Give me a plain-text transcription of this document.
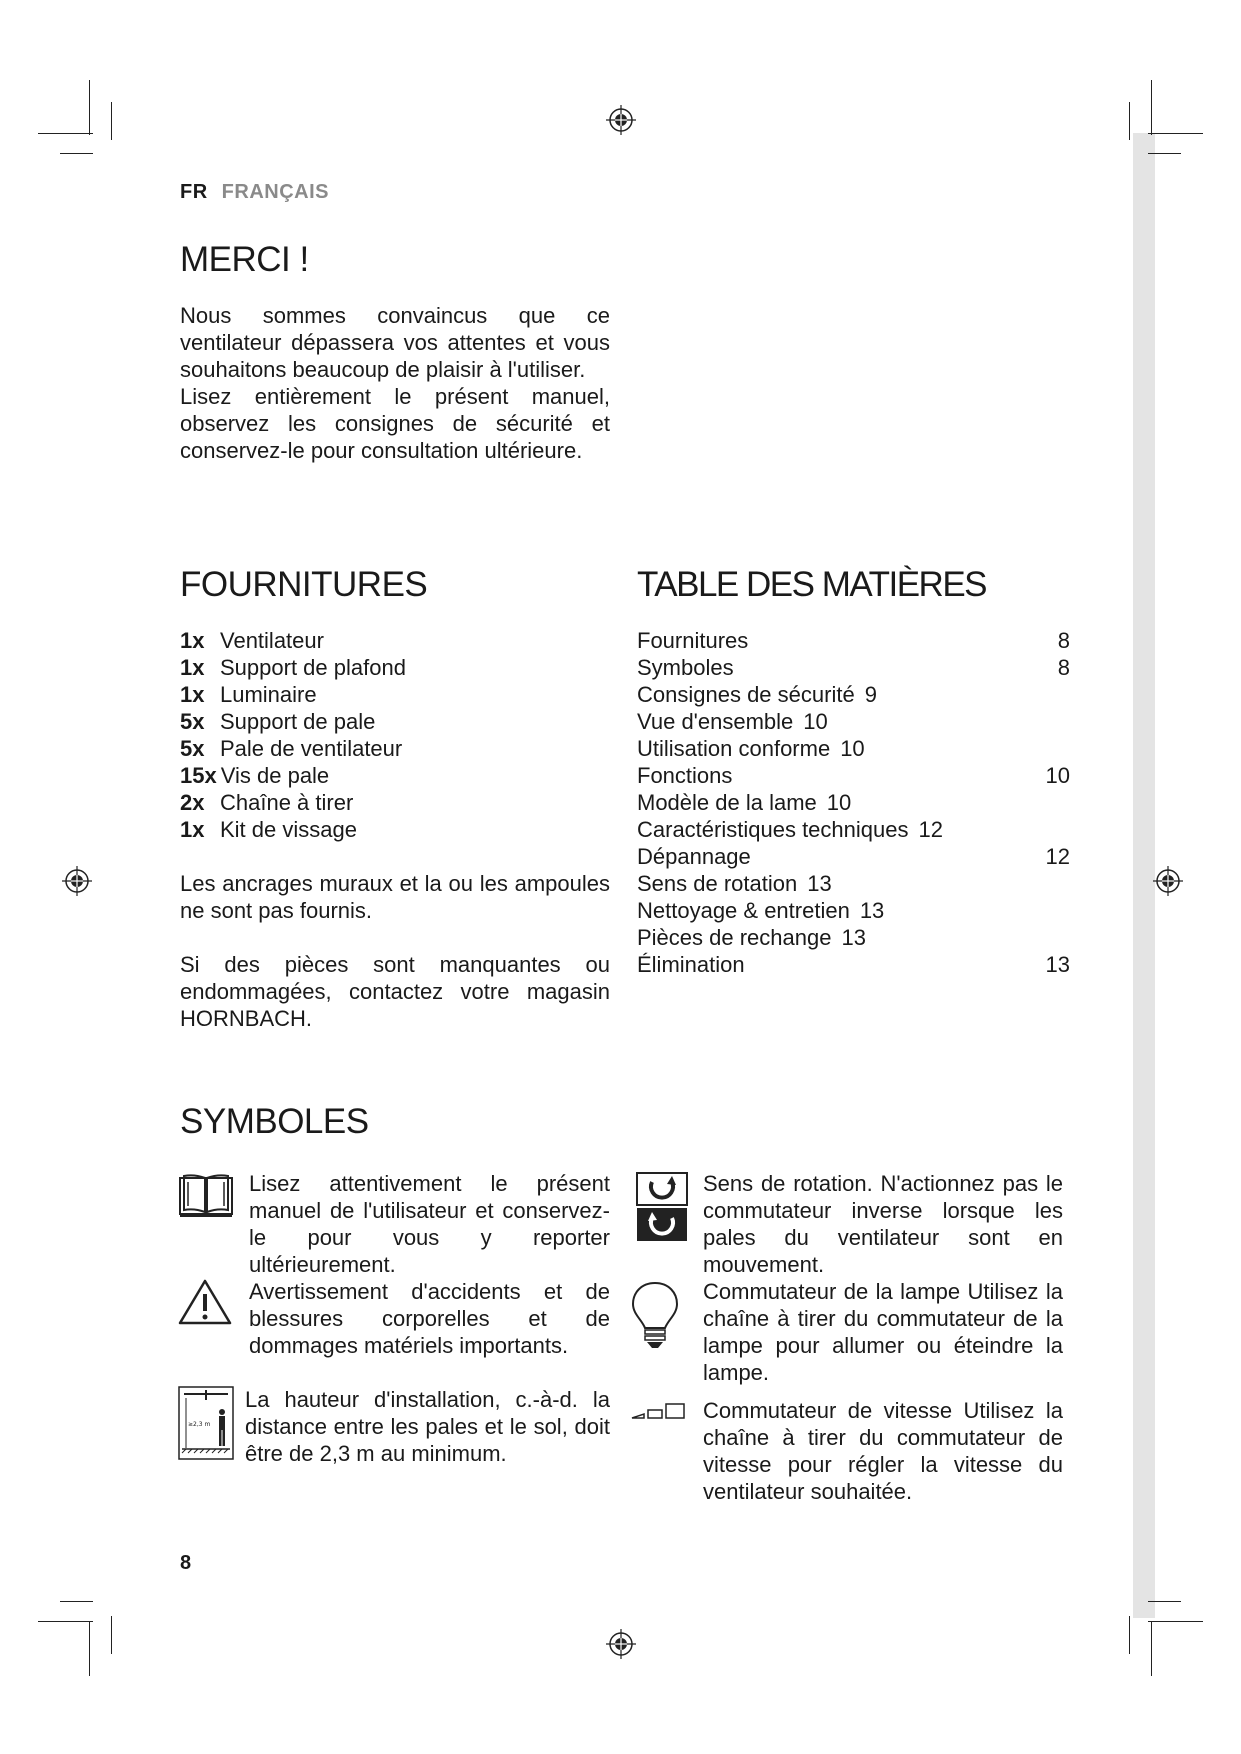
FR FRANÇAIS
MERCI !

Nous sommes convaincus que ce ventilateur dépassera vos attentes et vous souhaitons beaucoup de plaisir à l'utiliser.

Lisez entièrement le présent manuel, observez les consignes de sécurité et conservez-le pour consultation ultérieure.

FOURNITURES
1x Ventilateur
1x Support de plafond
1x Luminaire
5x Support de pale
5x Pale de ventilateur
15x Vis de pale
2x Chaîne à tirer
1x Kit de vissage

Les ancrages muraux et la ou les ampoules ne sont pas fournis.

Si des pièces sont manquantes ou endommagées, contactez votre magasin HORNBACH.

TABLE DES MATIÈRES
Fournitures	8
Symboles	8
Consignes de sécurité 9
Vue d'ensemble 10
Utilisation conforme 10
Fonctions	10
Modèle de la lame 10
Caractéristiques techniques 12
Dépannage	12
Sens de rotation 13
Nettoyage & entretien 13
Pièces de rechange 13
Élimination	13
SYMBOLES

Lisez attentivement le présent manuel de l'utilisateur et conservez-le pour vous y reporter ultérieurement.

Avertissement d'accidents et de blessures corporelles et de dommages matériels importants.

≥2,3 m

La hauteur d'installation, c.-à-d. la distance entre les pales et le sol, doit être de 2,3 m au minimum.

Sens de rotation. N'actionnez pas le commutateur inverse lorsque les pales du ventilateur sont en mouvement.

Commutateur de la lampe Utilisez la chaîne à tirer du commutateur de la lampe pour allumer ou éteindre la lampe.

Commutateur de vitesse Utilisez la chaîne à tirer du commutateur de vitesse pour régler la vitesse du ventilateur souhaitée.

8
